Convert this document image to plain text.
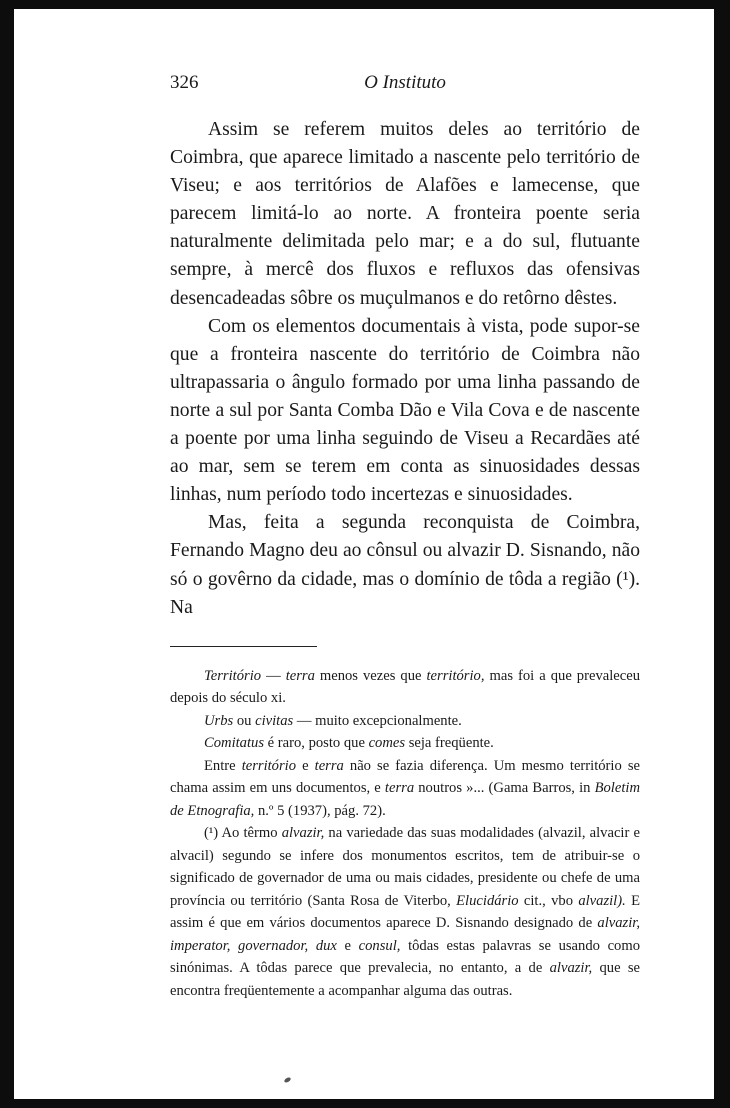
326	O Instituto

Assim se referem muitos deles ao território de Coimbra, que aparece limitado a nascente pelo território de Viseu; e aos territórios de Alafões e lamecense, que parecem limitá-lo ao norte. A fronteira poente seria naturalmente delimitada pelo mar; e a do sul, flutuante sempre, à mercê dos fluxos e refluxos das ofensivas desencadeadas sôbre os muçulmanos e do retôrno dêstes.

Com os elementos documentais à vista, pode supor-se que a fronteira nascente do território de Coimbra não ultrapassaria o ângulo formado por uma linha passando de norte a sul por Santa Comba Dão e Vila Cova e de nascente a poente por uma linha seguindo de Viseu a Recardães até ao mar, sem se terem em conta as sinuosidades dessas linhas, num período todo incertezas e sinuosidades.

Mas, feita a segunda reconquista de Coimbra, Fernando Magno deu ao cônsul ou alvazir D. Sisnando, não só o govêrno da cidade, mas o domínio de tôda a região (¹). Na

Território — terra menos vezes que território, mas foi a que prevaleceu depois do século xi.

Urbs ou civitas — muito excepcionalmente.

Comitatus é raro, posto que comes seja freqüente.

Entre território e terra não se fazia diferença. Um mesmo território se chama assim em uns documentos, e terra noutros »... (Gama Barros, in Boletim de Etnografia, n.º 5 (1937), pág. 72).

(¹) Ao têrmo alvazir, na variedade das suas modalidades (alvazil, alvacir e alvacil) segundo se infere dos monumentos escritos, tem de atribuir-se o significado de governador de uma ou mais cidades, presidente ou chefe de uma província ou território (Santa Rosa de Viterbo, Elucidário cit., vbo alvazil). E assim é que em vários documentos aparece D. Sisnando designado de alvazir, imperator, governador, dux e consul, tôdas estas palavras se usando como sinónimas. A tôdas parece que prevalecia, no entanto, a de alvazir, que se encontra freqüentemente a acompanhar alguma das outras.
